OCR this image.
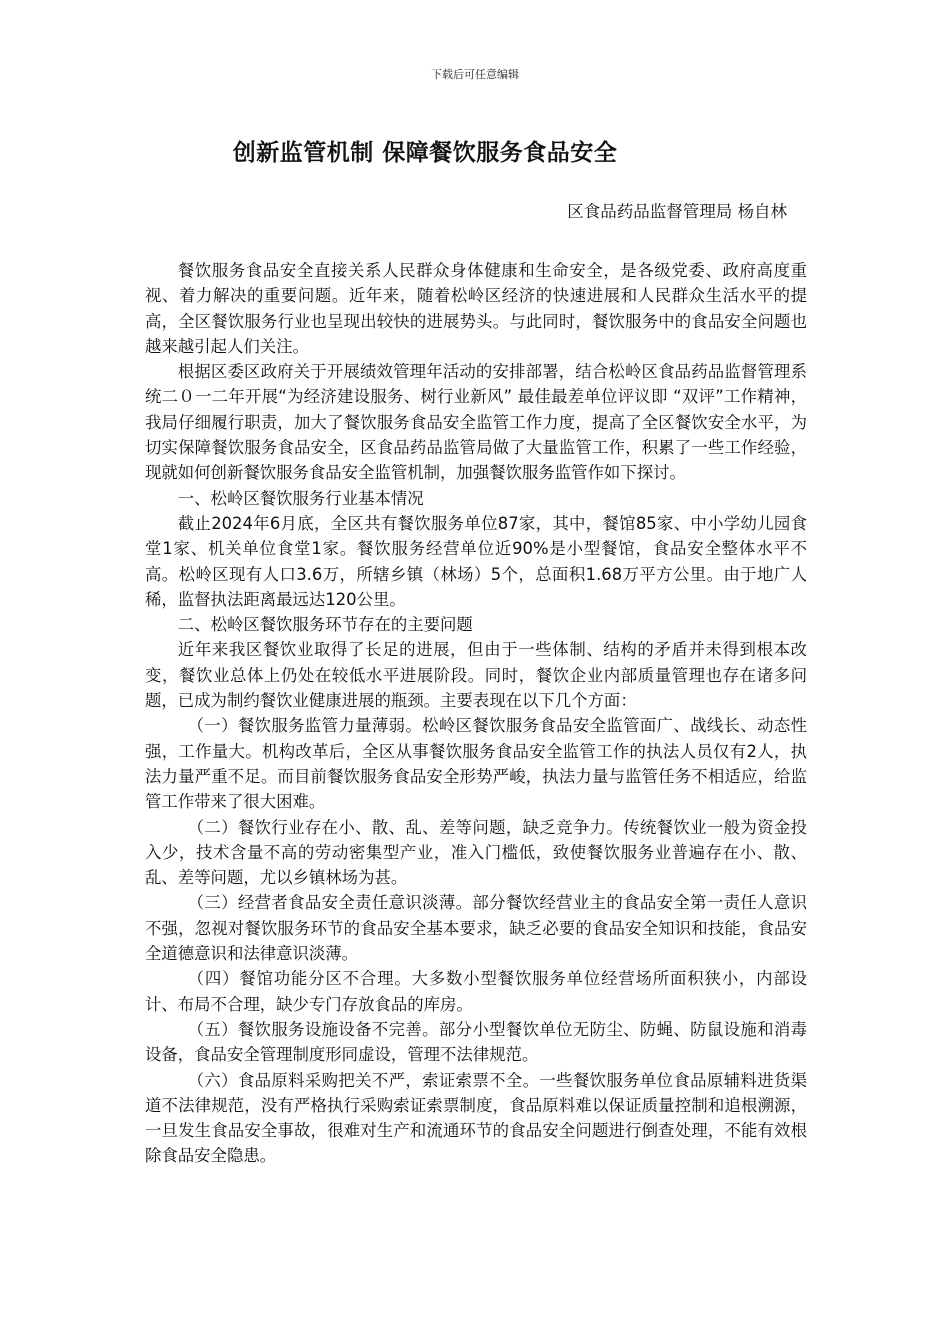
下载后可任意编辑
创新监管机制 保障餐饮服务食品安全
区食品药品监督管理局 杨自林

餐饮服务食品安全直接关系人民群众身体健康和生命安全，是各级党委、政府高度重视、着力解决的重要问题。近年来，随着松岭区经济的快速进展和人民群众生活水平的提高，全区餐饮服务行业也呈现出较快的进展势头。与此同时，餐饮服务中的食品安全问题也越来越引起人们关注。

根据区委区政府关于开展绩效管理年活动的安排部署，结合松岭区食品药品监督管理系统二０一二年开展“为经济建设服务、树行业新风” 最佳最差单位评议即 “双评”工作精神，我局仔细履行职责，加大了餐饮服务食品安全监管工作力度，提高了全区餐饮安全水平，为切实保障餐饮服务食品安全，区食品药品监管局做了大量监管工作，积累了一些工作经验，现就如何创新餐饮服务食品安全监管机制，加强餐饮服务监管作如下探讨。

一、松岭区餐饮服务行业基本情况

截止2024年6月底，全区共有餐饮服务单位87家，其中，餐馆85家、中小学幼儿园食堂1家、机关单位食堂1家。餐饮服务经营单位近90%是小型餐馆，食品安全整体水平不高。松岭区现有人口3.6万，所辖乡镇（林场）5个，总面积1.68万平方公里。由于地广人稀，监督执法距离最远达120公里。

二、松岭区餐饮服务环节存在的主要问题

近年来我区餐饮业取得了长足的进展，但由于一些体制、结构的矛盾并未得到根本改变，餐饮业总体上仍处在较低水平进展阶段。同时，餐饮企业内部质量管理也存在诸多问题，已成为制约餐饮业健康进展的瓶颈。主要表现在以下几个方面：

（一）餐饮服务监管力量薄弱。松岭区餐饮服务食品安全监管面广、战线长、动态性强，工作量大。机构改革后，全区从事餐饮服务食品安全监管工作的执法人员仅有2人，执法力量严重不足。而目前餐饮服务食品安全形势严峻，执法力量与监管任务不相适应，给监管工作带来了很大困难。

（二）餐饮行业存在小、散、乱、差等问题，缺乏竞争力。传统餐饮业一般为资金投入少，技术含量不高的劳动密集型产业，准入门槛低，致使餐饮服务业普遍存在小、散、乱、差等问题，尤以乡镇林场为甚。

（三）经营者食品安全责任意识淡薄。部分餐饮经营业主的食品安全第一责任人意识不强，忽视对餐饮服务环节的食品安全基本要求，缺乏必要的食品安全知识和技能，食品安全道德意识和法律意识淡薄。

（四）餐馆功能分区不合理。大多数小型餐饮服务单位经营场所面积狭小，内部设计、布局不合理，缺少专门存放食品的库房。

（五）餐饮服务设施设备不完善。部分小型餐饮单位无防尘、防蝇、防鼠设施和消毒设备，食品安全管理制度形同虚设，管理不法律规范。

（六）食品原料采购把关不严，索证索票不全。一些餐饮服务单位食品原辅料进货渠道不法律规范，没有严格执行采购索证索票制度，食品原料难以保证质量控制和追根溯源，一旦发生食品安全事故，很难对生产和流通环节的食品安全问题进行倒查处理，不能有效根除食品安全隐患。
